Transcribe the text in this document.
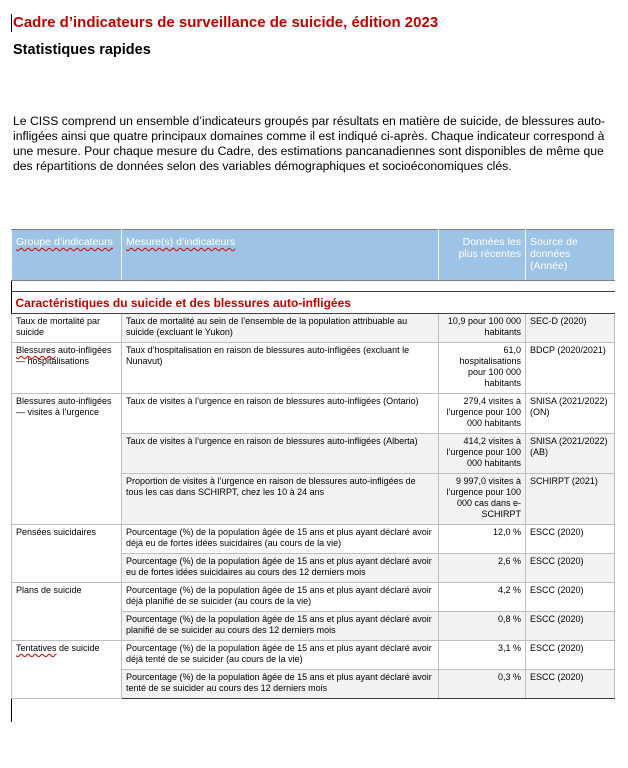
Cadre d’indicateurs de surveillance de suicide, édition 2023
Statistiques rapides

Le CISS comprend un ensemble d’indicateurs groupés par résultats en matière de suicide, de blessures auto-infligées ainsi que quatre principaux domaines comme il est indiqué ci-après. Chaque indicateur correspond à une mesure. Pour chaque mesure du Cadre, des estimations pancanadiennes sont disponibles de même que des répartitions de données selon des variables démographiques et socioéconomiques clés.

Groupe d’indicateurs	Mesure(s) d’indicateurs	Données les plus récentes	Source de données (Année)

Caractéristiques du suicide et des blessures auto-infligées			
Taux de mortalité par suicide	Taux de mortalité au sein de l’ensemble de la population attribuable au suicide (excluant le Yukon)	10,9 pour 100 000 habitants	SEC-D (2020)
Blessures auto-infligées — hospitalisations	Taux d’hospitalisation en raison de blessures auto-infligées (excluant le Nunavut)	61,0 hospitalisations pour 100 000 habitants	BDCP (2020/2021)
Blessures auto-infligées — visites à l’urgence	Taux de visites à l’urgence en raison de blessures auto-infligées (Ontario)	279,4 visites à l’urgence pour 100 000 habitants	SNISA (2021/2022)(ON)
	Taux de visites à l’urgence en raison de blessures auto-infligées (Alberta)	414,2 visites à l’urgence pour 100 000 habitants	SNISA (2021/2022)(AB)
	Proportion de visites à l’urgence en raison de blessures auto-infligées de tous les cas dans SCHIRPT, chez les 10 à 24 ans	9 997,0 visites à l’urgence pour 100 000 cas dans e-SCHIRPT	SCHIRPT (2021)
Pensées suicidaires	Pourcentage (%) de la population âgée de 15 ans et plus ayant déclaré avoir déjà eu de fortes idées suicidaires (au cours de la vie)	12,0 %	ESCC (2020)
	Pourcentage (%) de la population âgée de 15 ans et plus ayant déclaré avoir eu de fortes idées suicidaires au cours des 12 derniers mois	2,6 %	ESCC (2020)
Plans de suicide	Pourcentage (%) de la population âgée de 15 ans et plus ayant déclaré avoir déjà planifié de se suicider (au cours de la vie)	4,2 %	ESCC (2020)
	Pourcentage (%) de la population âgée de 15 ans et plus ayant déclaré avoir planifié de se suicider au cours des 12 derniers mois	0,8 %	ESCC (2020)
Tentatives de suicide	Pourcentage (%) de la population âgée de 15 ans et plus ayant déclaré avoir déjà tenté de se suicider (au cours de la vie)	3,1 %	ESCC (2020)
	Pourcentage (%) de la population âgée de 15 ans et plus ayant déclaré avoir tenté de se suicider au cours des 12 derniers mois	0,3 %	ESCC (2020)
